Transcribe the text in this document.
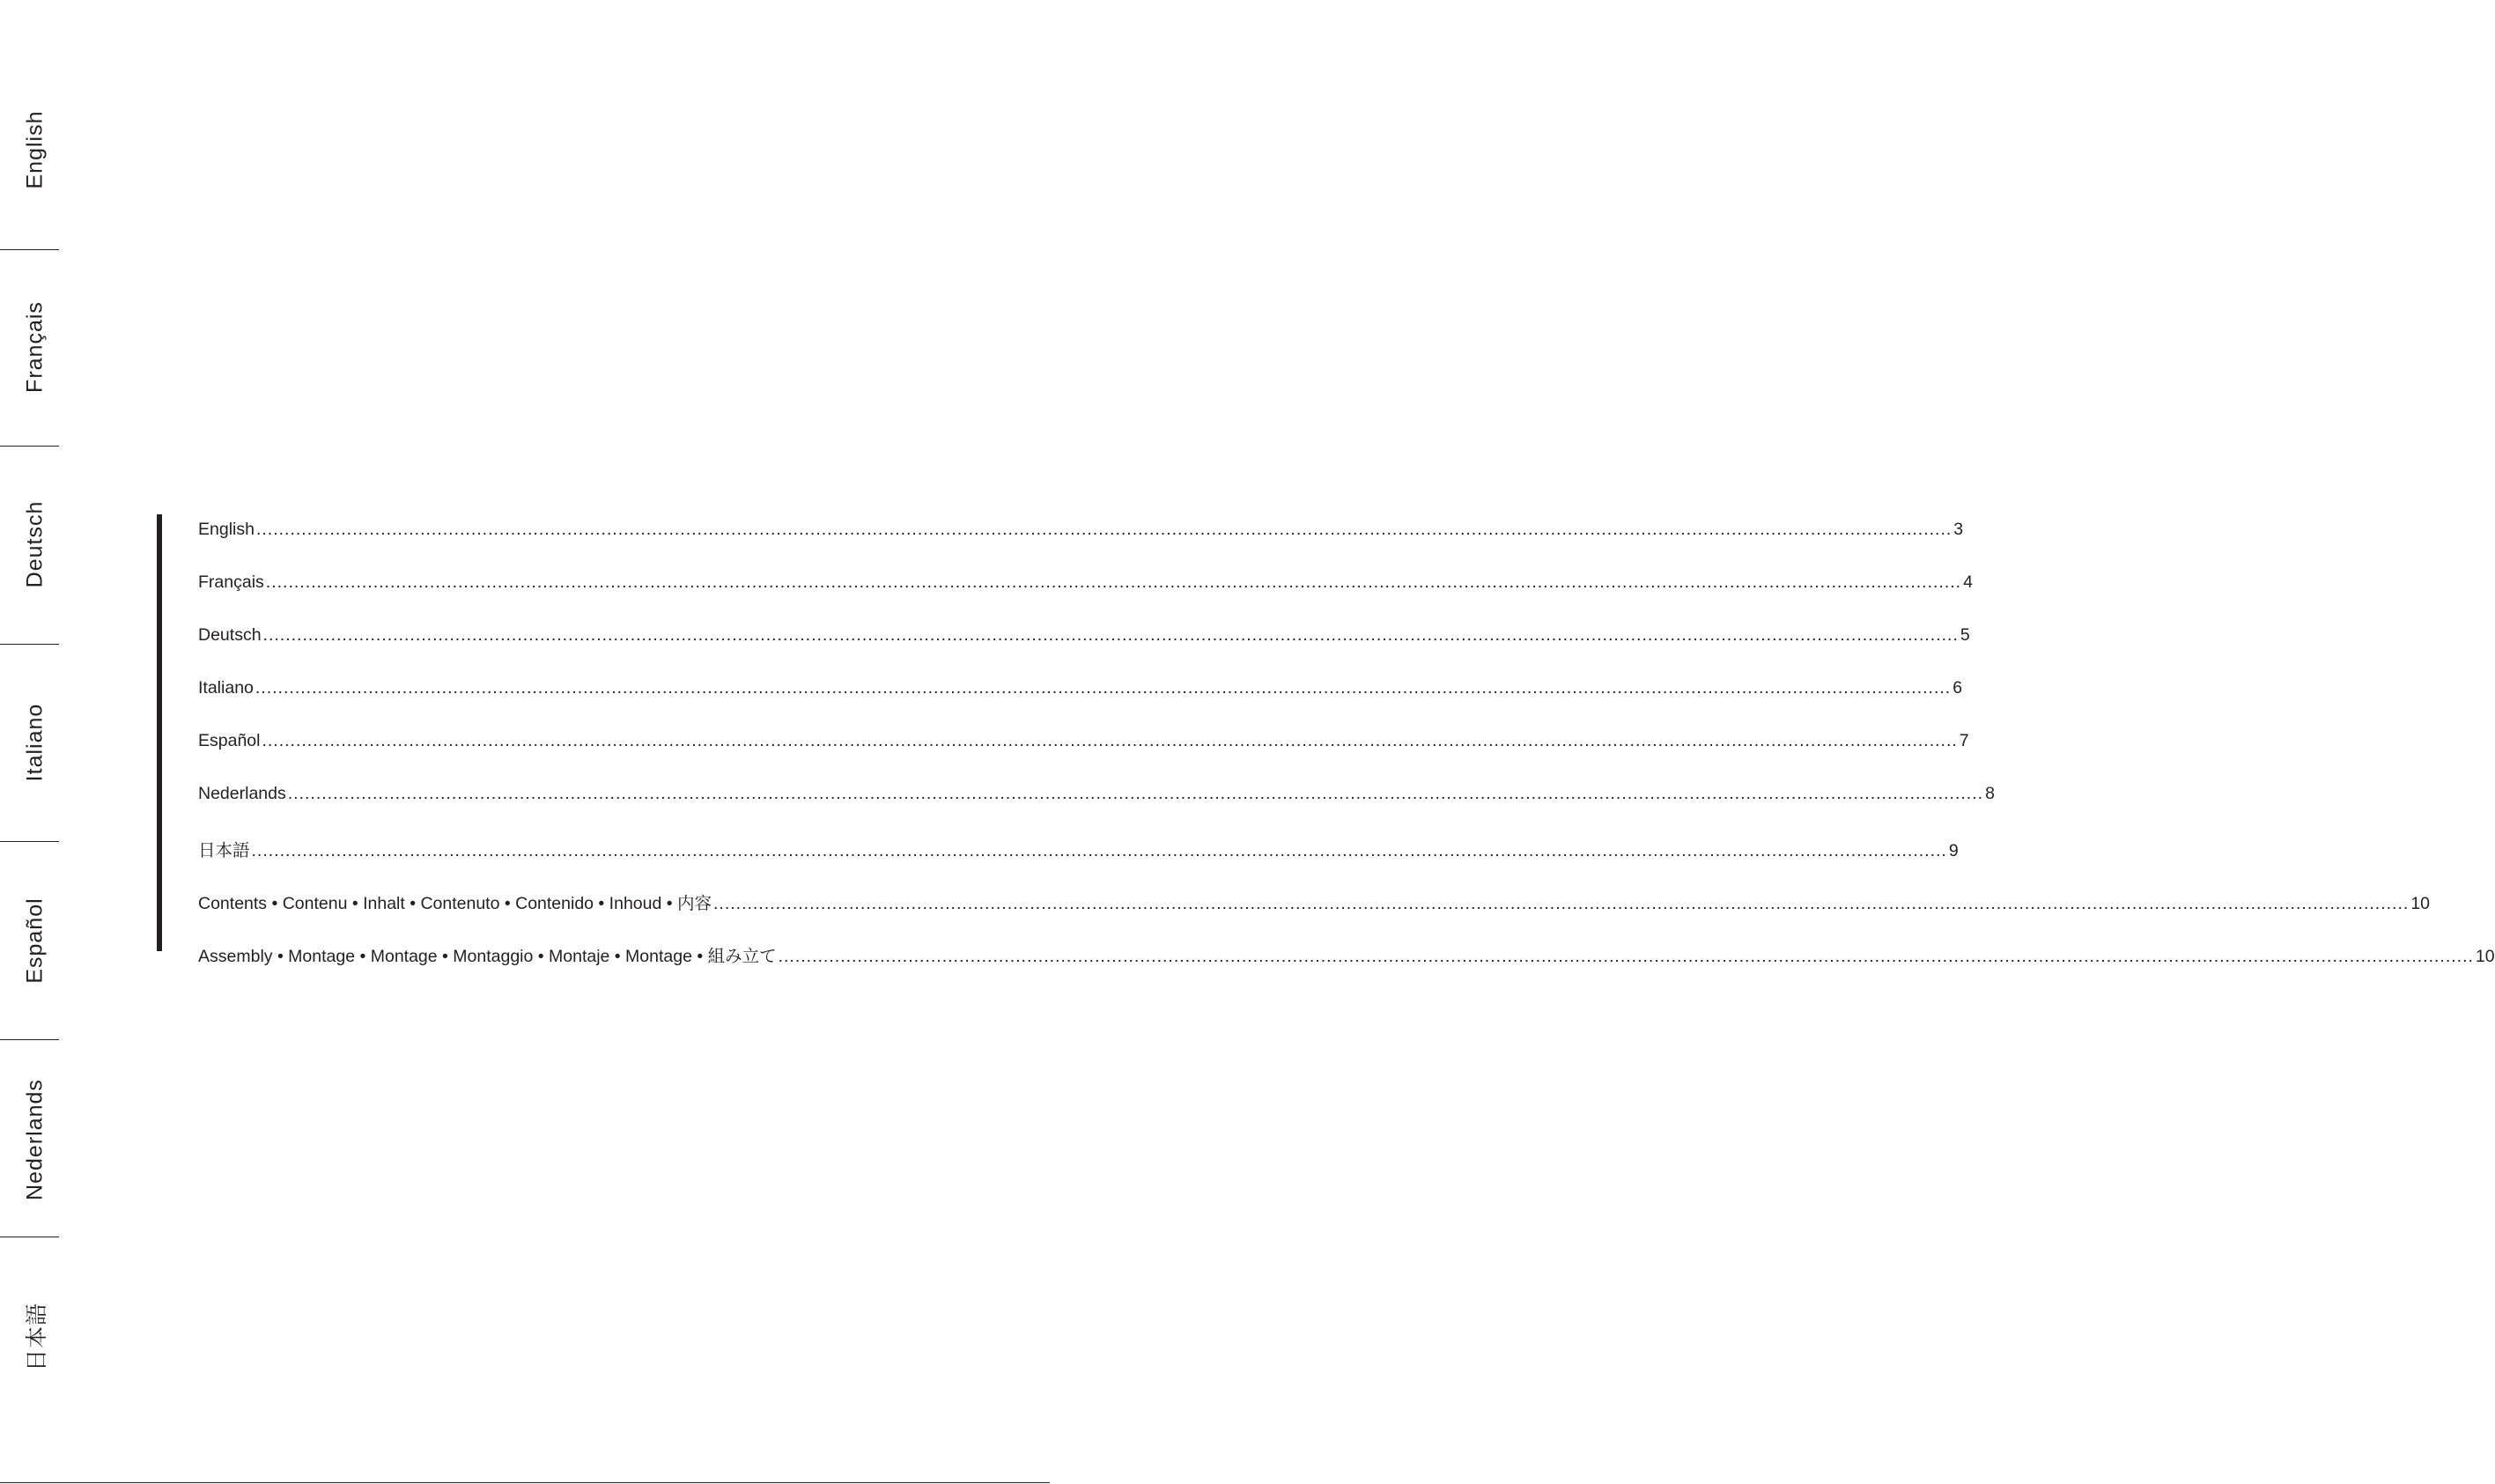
English
Français
Deutsch
Italiano
Español
Nederlands
日本語
English ............................................................................................................................................................................................................................................................................................................ 3
Français ............................................................................................................................................................................................................................................................................................................ 4
Deutsch ............................................................................................................................................................................................................................................................................................................ 5
Italiano ............................................................................................................................................................................................................................................................................................................ 6
Español ............................................................................................................................................................................................................................................................................................................ 7
Nederlands ............................................................................................................................................................................................................................................................................................................ 8
日本語 ............................................................................................................................................................................................................................................................................................................ 9
Contents • Contenu • Inhalt • Contenuto • Contenido • Inhoud • 内容 ............................................................................................................................................................................................................................................................................................................ 10
Assembly • Montage • Montage • Montaggio • Montaje • Montage • 組み立て ............................................................................................................................................................................................................................................................................................................ 10
